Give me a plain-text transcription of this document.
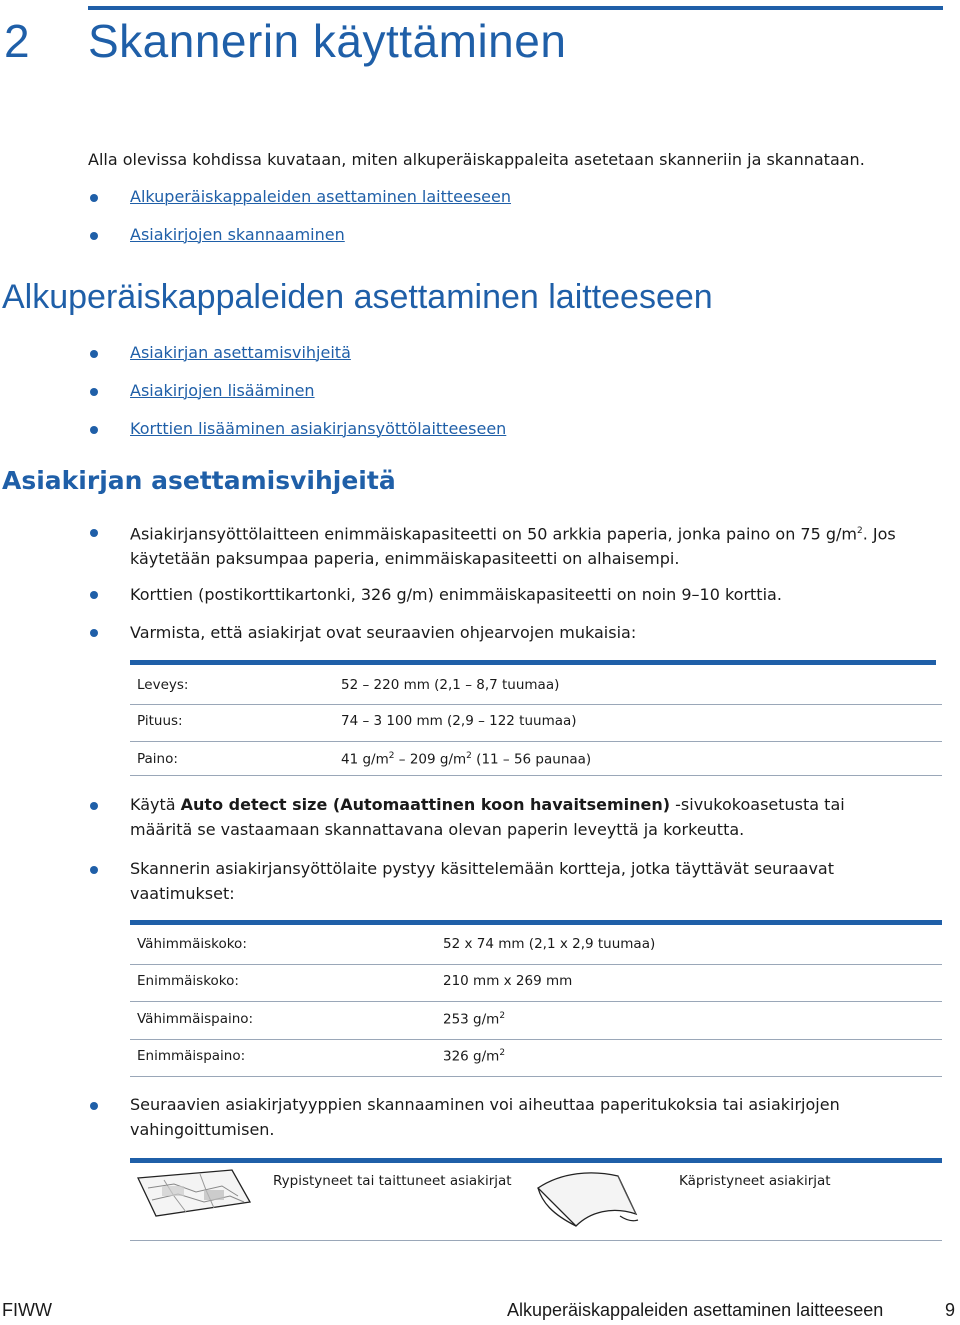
2 Skannerin käyttäminen
Alla olevissa kohdissa kuvataan, miten alkuperäiskappaleita asetetaan skanneriin ja skannataan.
Alkuperäiskappaleiden asettaminen laitteeseen
Asiakirjojen skannaaminen
Alkuperäiskappaleiden asettaminen laitteeseen
Asiakirjan asettamisvihjeitä
Asiakirjojen lisääminen
Korttien lisääminen asiakirjansyöttölaitteeseen
Asiakirjan asettamisvihjeitä
Asiakirjansyöttölaitteen enimmäiskapasiteetti on 50 arkkia paperia, jonka paino on 75 $g/m^2$. Jos
käytetään paksumpaa paperia, enimmäiskapasiteetti on alhaisempi.
Korttien (postikorttikartonki, 326 g/m) enimmäiskapasiteetti on noin 9–10 korttia.
Varmista, että asiakirjat ovat seuraavien ohjearvojen mukaisia:
Leveys:	52 – 220 mm (2,1 – 8,7 tuumaa)
Pituus:	74 – 3 100 mm (2,9 – 122 tuumaa)
Paino:	41 $g/m^2 - 209$ $g/m^2$ (11 – 56 paunaa)
Käytä Auto detect size (Automaattinen koon havaitseminen) -sivukokoasetusta tai
määritä se vastaamaan skannattavana olevan paperin leveyttä ja korkeutta.
Skannerin asiakirjansyöttölaite pystyy käsittelemään kortteja, jotka täyttävät seuraavat
vaatimukset:
Vähimmäiskoko:	52 x 74 mm (2,1 x 2,9 tuumaa)
Enimmäiskoko:	210 mm x 269 mm
Vähimmäispaino:	253 $g/m^2$
Enimmäispaino:	326 $g/m^2$
Seuraavien asiakirjatyyppien skannaaminen voi aiheuttaa paperitukoksia tai asiakirjojen
vahingoittumisen.
Rypistyneet tai taittuneet asiakirjat	Käpristyneet asiakirjat
FIWW	Alkuperäiskappaleiden asettaminen laitteeseen	9
